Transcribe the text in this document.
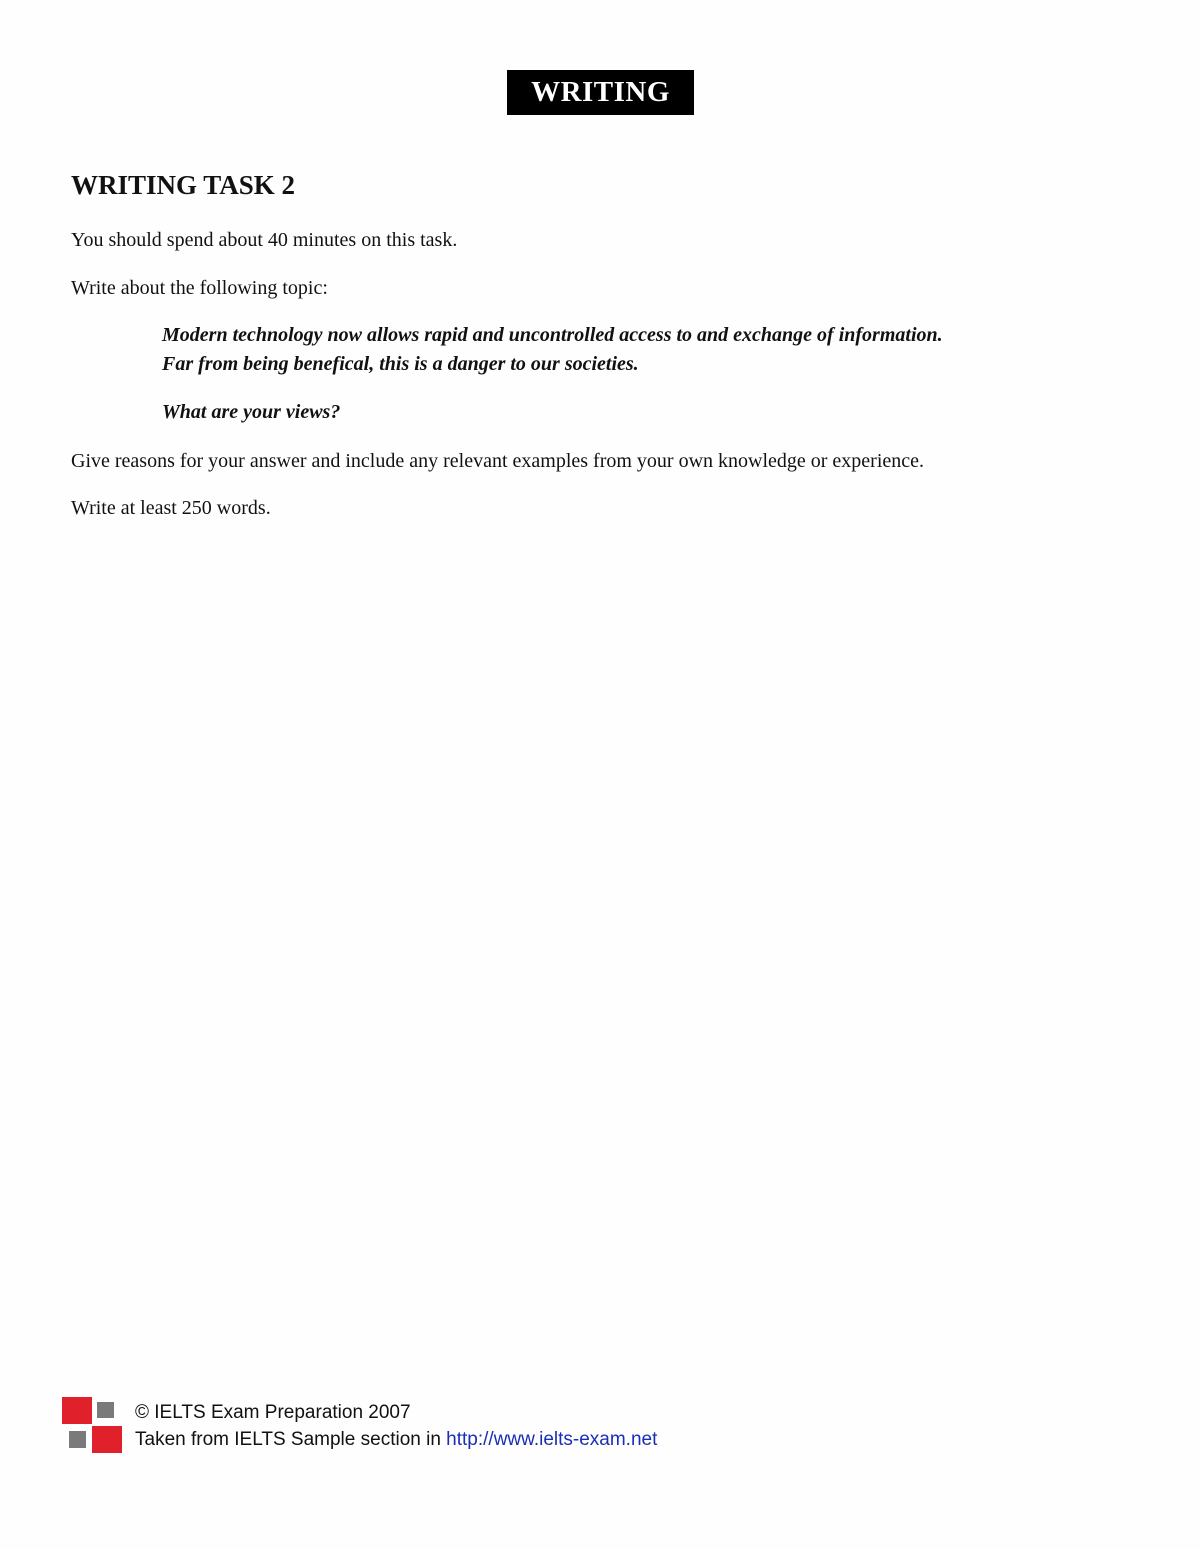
WRITING
WRITING TASK 2

You should spend about 40 minutes on this task.

Write about the following topic:

Modern technology now allows rapid and uncontrolled access to and exchange of information.

Far from being benefical, this is a danger to our societies.

What are your views?

Give reasons for your answer and include any relevant examples from your own knowledge or experience.

Write at least 250 words.

© IELTS Exam Preparation 2007

Taken from IELTS Sample section in http://www.ielts-exam.net
